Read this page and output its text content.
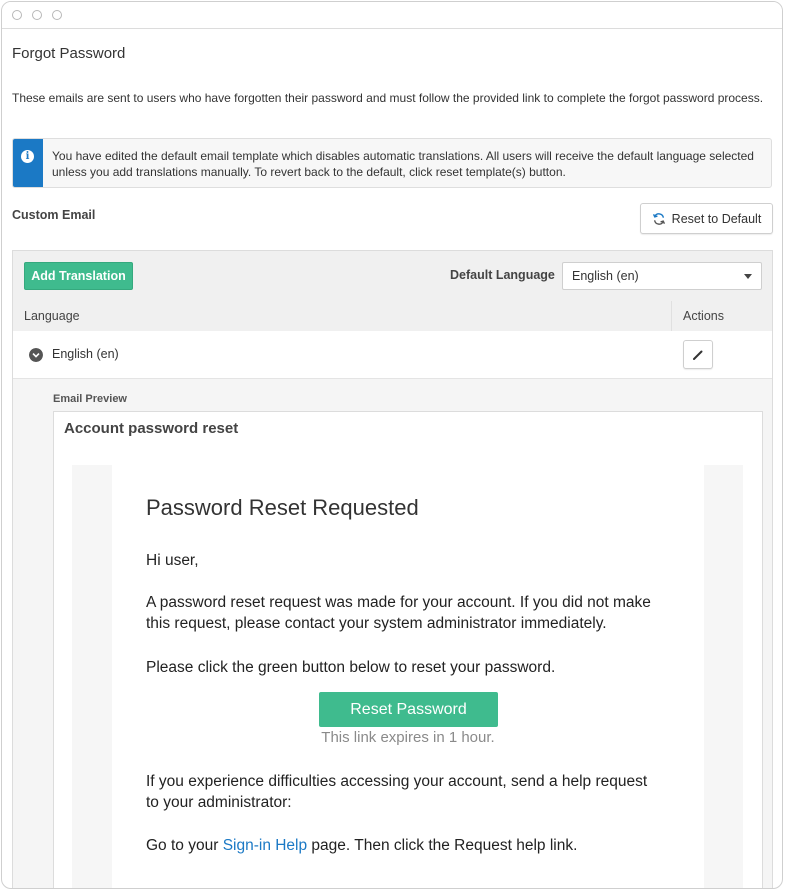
Forgot Password
These emails are sent to users who have forgotten their password and must follow the provided link to complete the forgot password process.
i	You have edited the default email template which disables automatic translations. All users will receive the default language selected unless you add translations manually. To revert back to the default, click reset template(s) button.
Custom Email	Reset to Default
Add Translation	Default Language	English (en)
Language	Actions
English (en)
Email Preview
Account password reset
Password Reset Requested
Hi user,
A password reset request was made for your account. If you did not make
this request, please contact your system administrator immediately.
Please click the green button below to reset your password.
Reset Password
This link expires in 1 hour.
If you experience difficulties accessing your account, send a help request
to your administrator:
Go to your Sign-in Help page. Then click the Request help link.
